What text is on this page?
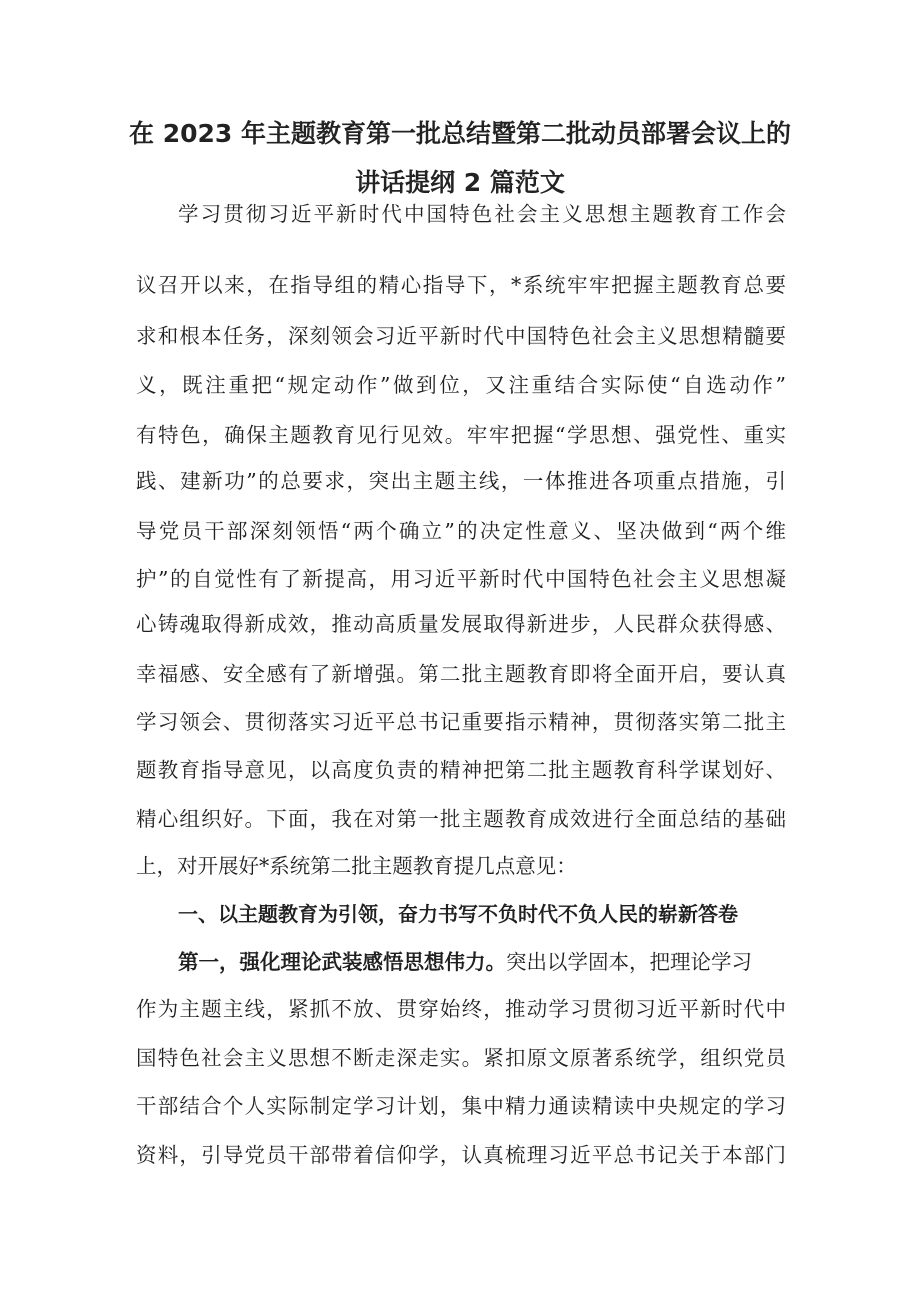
在 2023 年主题教育第一批总结暨第二批动员部署会议上的
讲话提纲 2 篇范文
学习贯彻习近平新时代中国特色社会主义思想主题教育工作会
议召开以来，在指导组的精心指导下，*系统牢牢把握主题教育总要
求和根本任务，深刻领会习近平新时代中国特色社会主义思想精髓要
义，既注重把“规定动作”做到位，又注重结合实际使“自选动作”
有特色，确保主题教育见行见效。牢牢把握“学思想、强党性、重实
践、建新功”的总要求，突出主题主线，一体推进各项重点措施，引
导党员干部深刻领悟“两个确立”的决定性意义、坚决做到“两个维
护”的自觉性有了新提高，用习近平新时代中国特色社会主义思想凝
心铸魂取得新成效，推动高质量发展取得新进步，人民群众获得感、
幸福感、安全感有了新增强。第二批主题教育即将全面开启，要认真
学习领会、贯彻落实习近平总书记重要指示精神，贯彻落实第二批主
题教育指导意见，以高度负责的精神把第二批主题教育科学谋划好、
精心组织好。下面，我在对第一批主题教育成效进行全面总结的基础
上，对开展好*系统第二批主题教育提几点意见：
一、以主题教育为引领，奋力书写不负时代不负人民的崭新答卷
第一，强化理论武装感悟思想伟力。突出以学固本，把理论学习
作为主题主线，紧抓不放、贯穿始终，推动学习贯彻习近平新时代中
国特色社会主义思想不断走深走实。紧扣原文原著系统学，组织党员
干部结合个人实际制定学习计划，集中精力通读精读中央规定的学习
资料，引导党员干部带着信仰学，认真梳理习近平总书记关于本部门
